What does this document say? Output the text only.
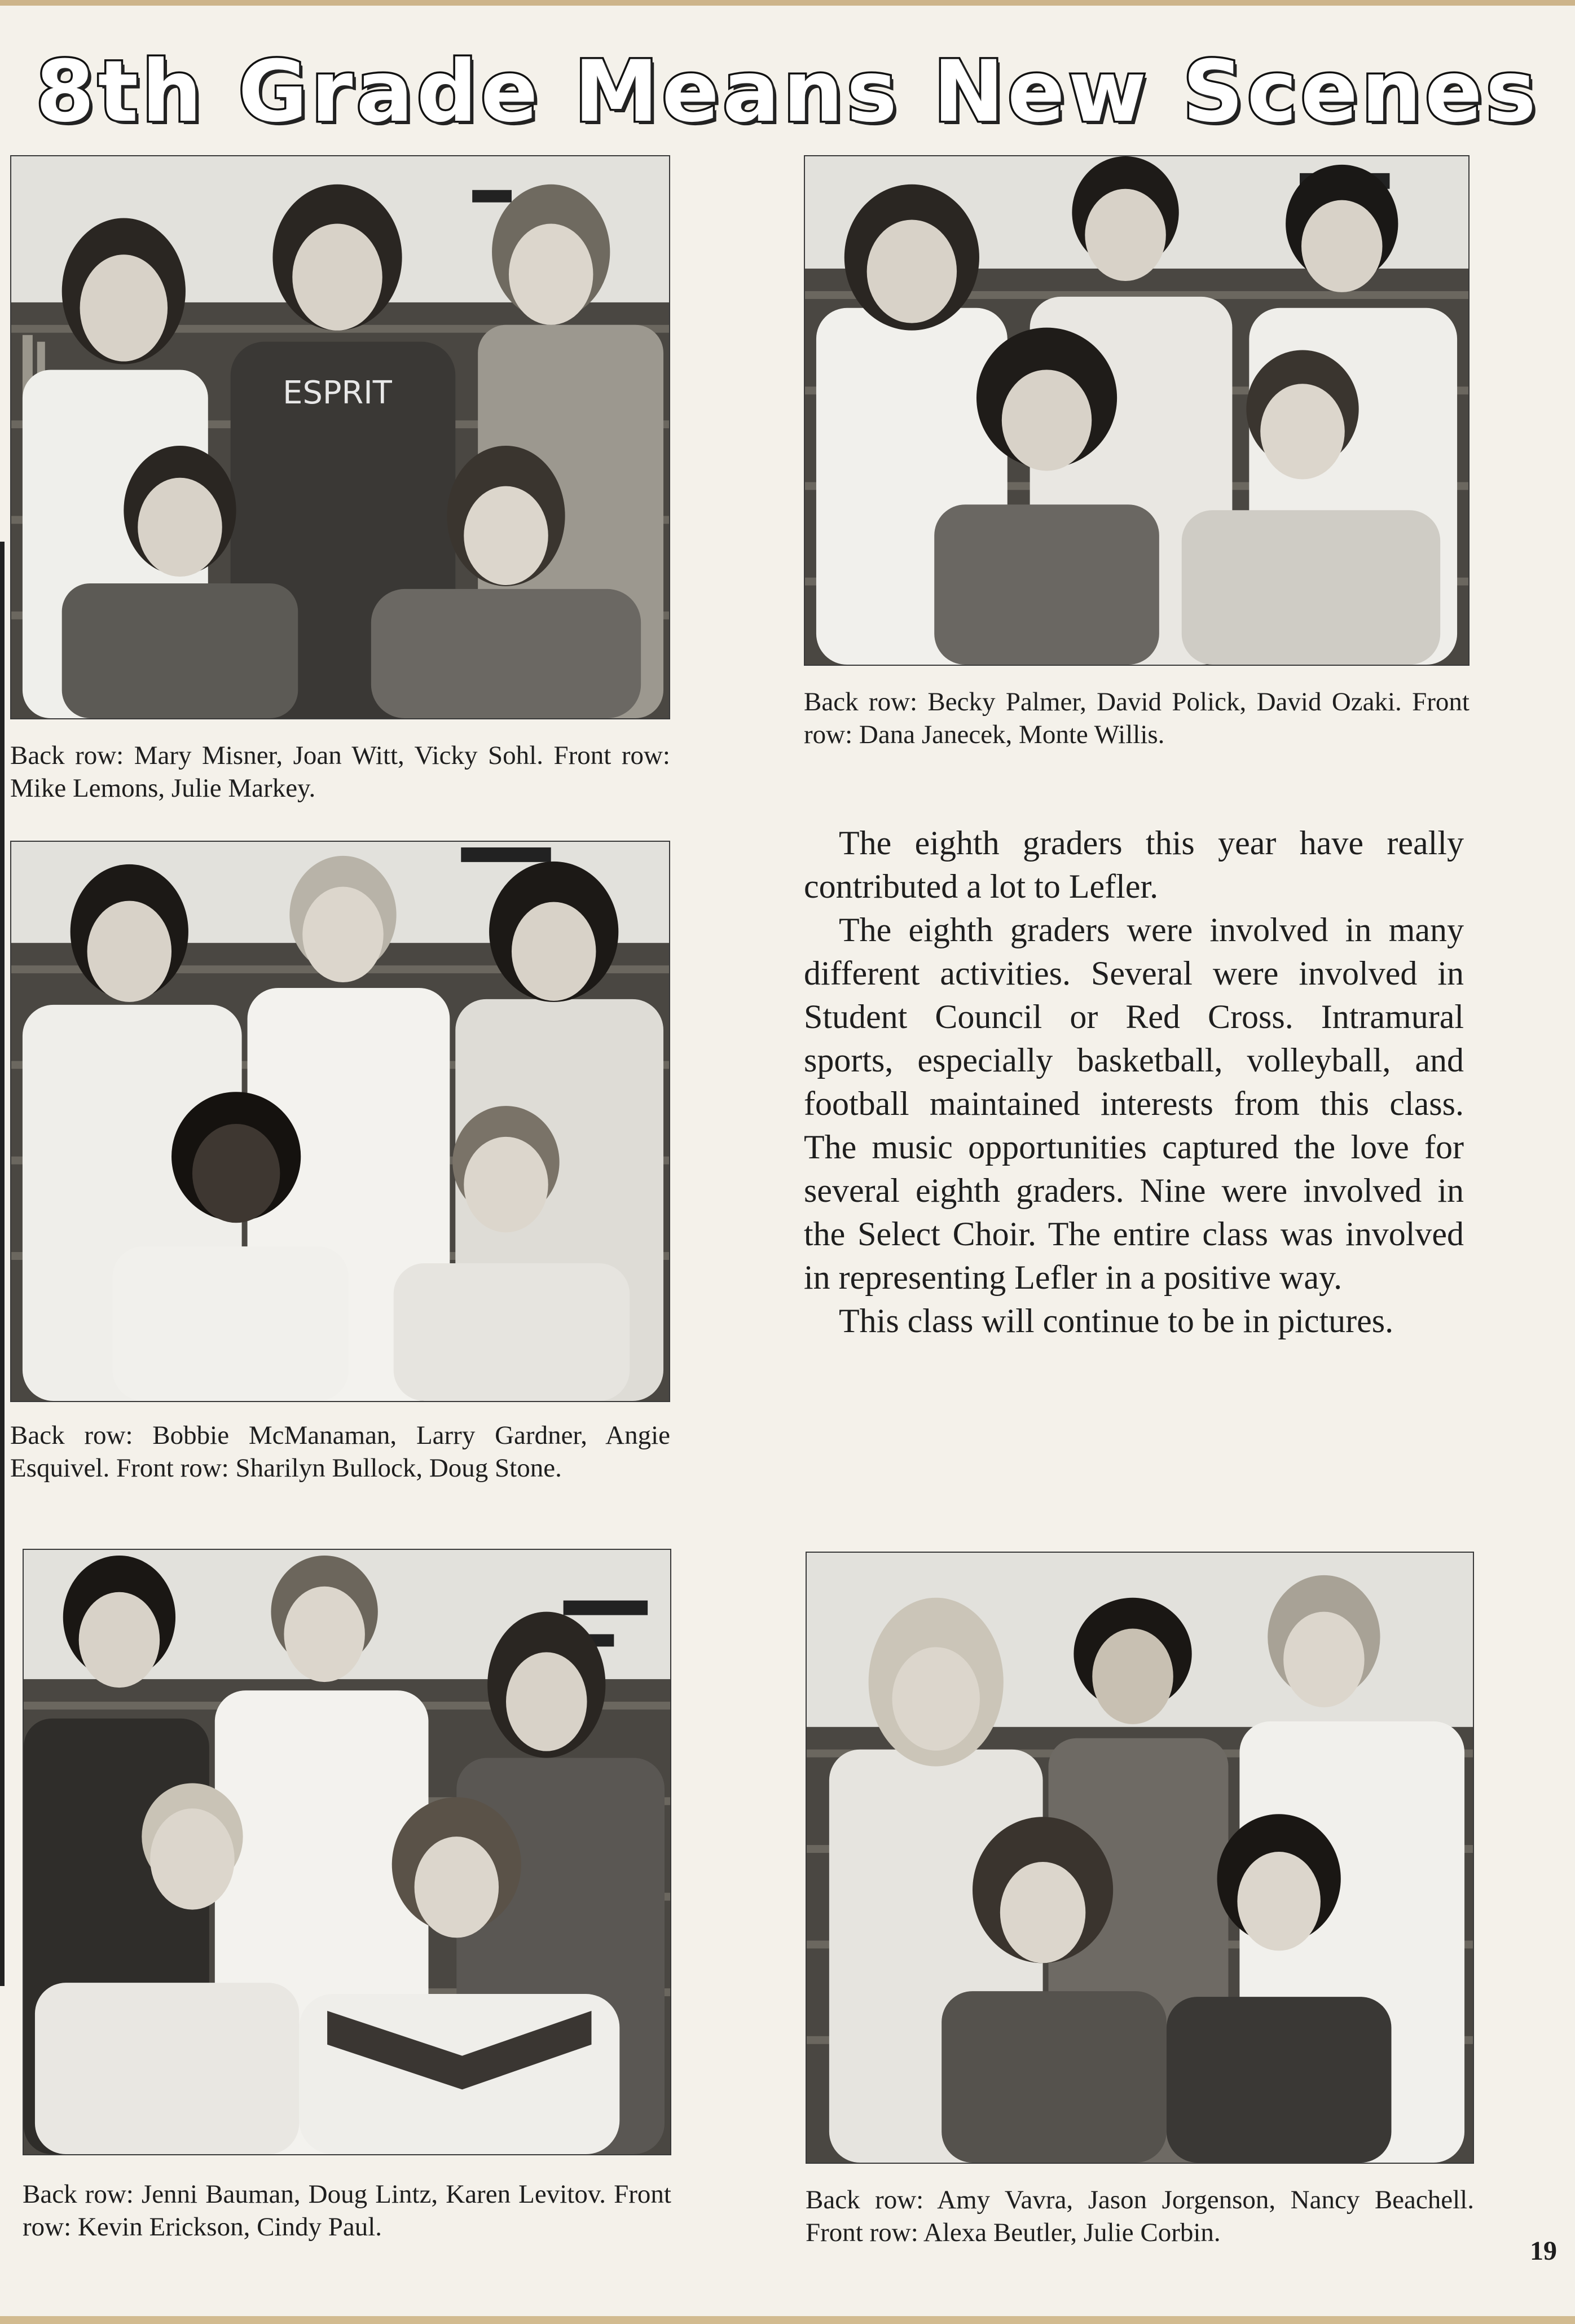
8th Grade Means New Scenes
ESPRIT

Back row: Mary Misner, Joan Witt, Vicky Sohl. Front row: Mike Lemons, Julie Markey.

Back row: Becky Palmer, David Polick, David Ozaki. Front row: Dana Janecek, Monte Willis.

Back row: Bobbie McManaman, Larry Gardner, Angie Esquivel. Front row: Sharilyn Bullock, Doug Stone.

Back row: Jenni Bauman, Doug Lintz, Karen Levitov. Front row: Kevin Erickson, Cindy Paul.

Back row: Amy Vavra, Jason Jorgenson, Nancy Beachell. Front row: Alexa Beutler, Julie Corbin.

The eighth graders this year have really contributed a lot to Lefler.

The eighth graders were involved in many different activities. Several were involved in Student Council or Red Cross. Intramural sports, especially basketball, volleyball, and football maintained interests from this class. The music opportunities captured the love for several eighth graders. Nine were involved in the Select Choir. The entire class was involved in representing Lefler in a positive way.

This class will continue to be in pictures.

19
